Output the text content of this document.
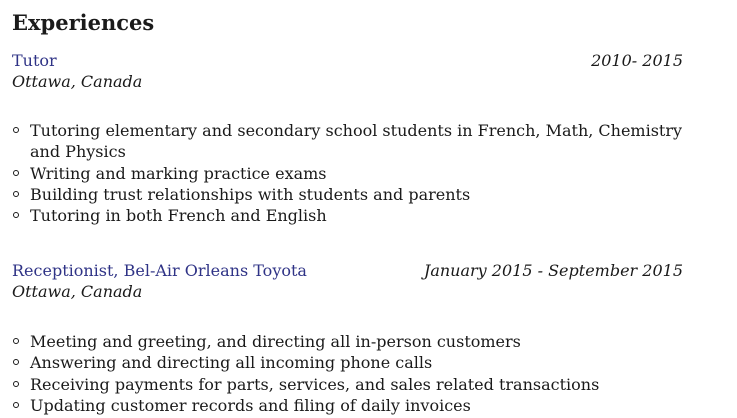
Experiences
Tutor	2010- 2015
Ottawa, Canada
Tutoring elementary and secondary school students in French, Math, Chemistry and Physics
Writing and marking practice exams
Building trust relationships with students and parents
Tutoring in both French and English
Receptionist, Bel-Air Orleans Toyota	January 2015 - September 2015
Ottawa, Canada
Meeting and greeting, and directing all in-person customers
Answering and directing all incoming phone calls
Receiving payments for parts, services, and sales related transactions
Updating customer records and filing of daily invoices
